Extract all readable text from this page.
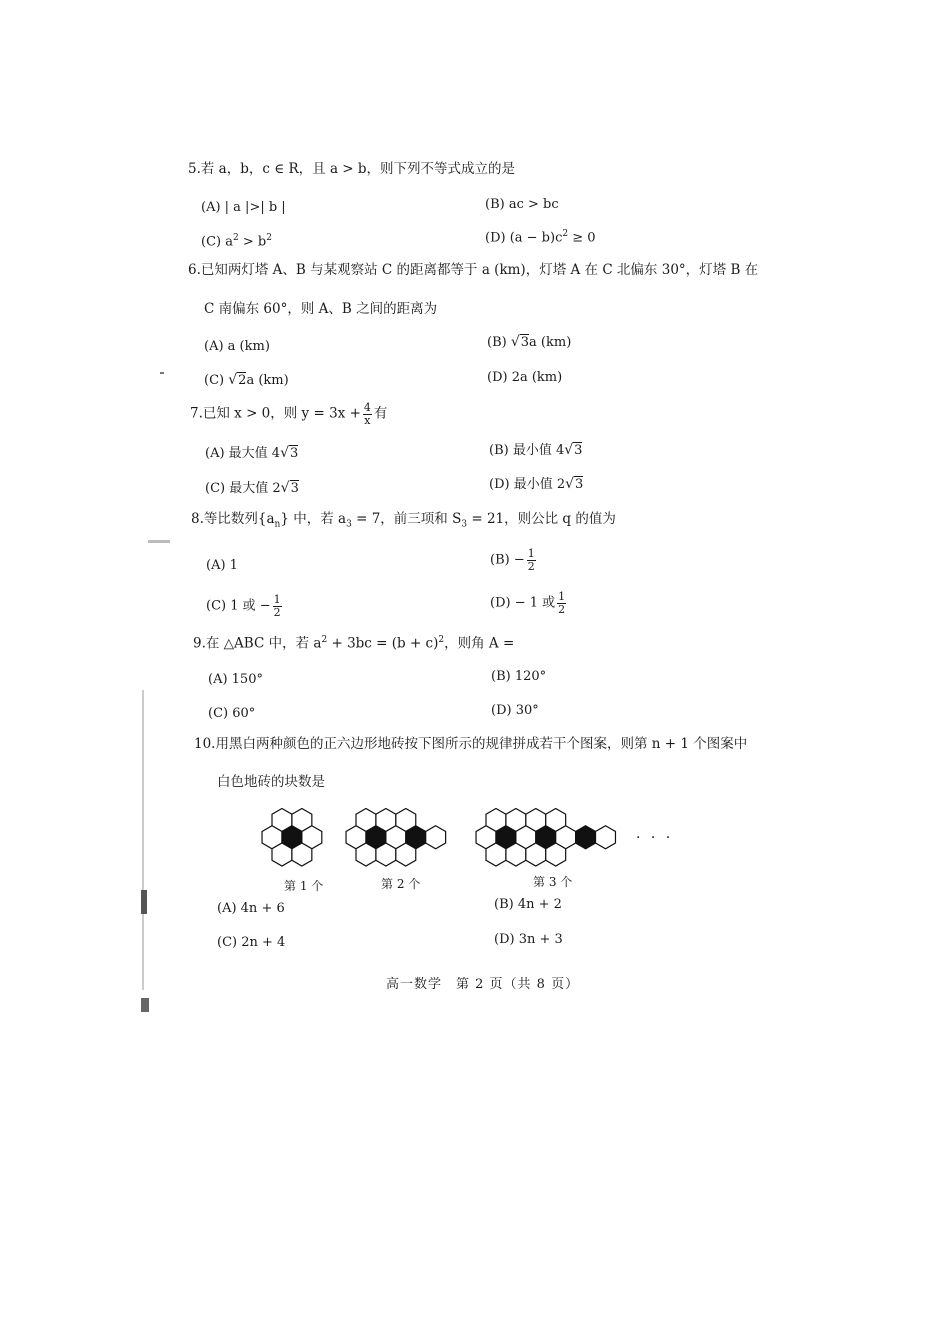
5.若 a，b，c ∈ R，且 a > b，则下列不等式成立的是
(A) | a |>| b |	(B) ac > bc
(C) $a^2 > b^2$	(D) $(a - b)c^2 \ge 0$
6.已知两灯塔 A、B 与某观察站 C 的距离都等于 a (km)，灯塔 A 在 C 北偏东 30°，灯塔 B 在
C 南偏东 60°，则 A、B 之间的距离为
(A) a (km)	(B) √3a (km)
(C) √2a (km)	(D) 2a (km)
7.已知 x > 0，则 $y = 3x + \frac{4}{x}$ 有
(A) 最大值 4√3	(B) 最小值 4√3
(C) 最大值 2√3	(D) 最小值 2√3
8.等比数列$\{a_n\}$ 中，若 $a_3 = 7$，前三项和 $S_3 = 21$，则公比 q 的值为
(A) 1	$(B) - \frac{1}{2}$
(C) 1 或 − $\frac{1}{2}$	(D) − 1 或 $\frac{1}{2}$
9.在 △ABC 中，若 $a^2 + 3bc = (b + c)^2$，则角 A =
(A) 150°	(B) 120°
(C) 60°	(D) 30°
10.用黑白两种颜色的正六边形地砖按下图所示的规律拼成若干个图案，则第 n + 1 个图案中
白色地砖的块数是
第 1 个	第 2 个	第 3 个
· · ·
(A) 4n + 6	(B) 4n + 2
(C) 2n + 4	(D) 3n + 3
高一数学　第 2 页（共 8 页）
